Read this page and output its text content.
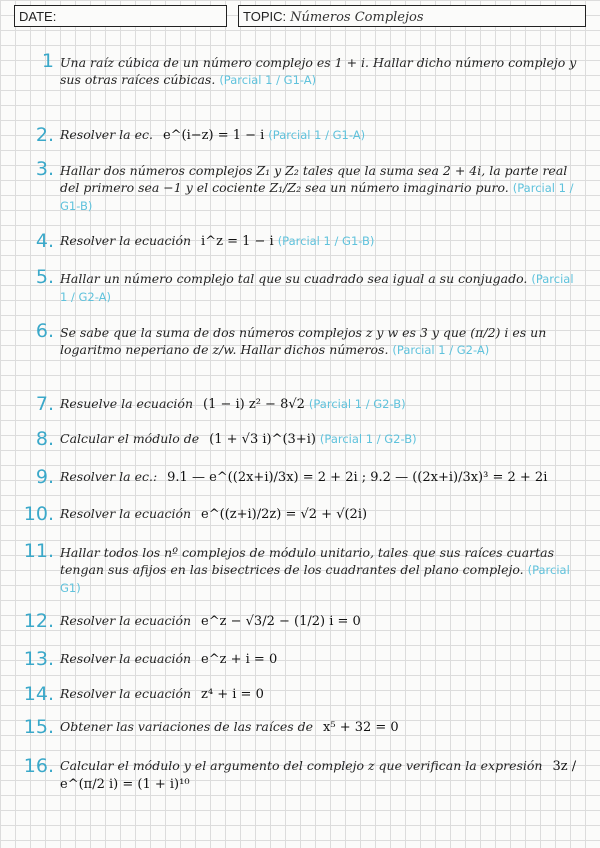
DATE:	TOPIC: Números Complejos
1 Una raíz cúbica de un número complejo es 1 + i. Hallar dicho número complejo y sus otras raíces cúbicas. (Parcial 1 / G1-A)
2. Resolver la ec. e^(i−z) = 1 − i (Parcial 1 / G1-A)
3. Hallar dos números complejos Z₁ y Z₂ tales que la suma sea 2 + 4i, la parte real del primero sea −1 y el cociente Z₁/Z₂ sea un número imaginario puro. (Parcial 1 / G1-B)
4. Resolver la ecuación i^z = 1 − i (Parcial 1 / G1-B)
5. Hallar un número complejo tal que su cuadrado sea igual a su conjugado. (Parcial 1 / G2-A)
6. Se sabe que la suma de dos números complejos z y w es 3 y que (π/2) i es un logaritmo neperiano de z/w. Hallar dichos números. (Parcial 1 / G2-A)
7. Resuelve la ecuación (1 − i) z² − 8√2 (Parcial 1 / G2-B)
8. Calcular el módulo de (1 + √3 i)^(3+i) (Parcial 1 / G2-B)
9. Resolver la ec.: 9.1 — e^((2x+i)/3x) = 2 + 2i ; 9.2 — ((2x+i)/3x)³ = 2 + 2i
10. Resolver la ecuación e^((z+i)/2z) = √2 + √(2i)
11. Hallar todos los nº complejos de módulo unitario, tales que sus raíces cuartas tengan sus afijos en las bisectrices de los cuadrantes del plano complejo. (Parcial G1)
12. Resolver la ecuación e^z − √3/2 − (1/2) i = 0
13. Resolver la ecuación e^z + i = 0
14. Resolver la ecuación z⁴ + i = 0
15. Obtener las variaciones de las raíces de x⁵ + 32 = 0
16. Calcular el módulo y el argumento del complejo z que verifican la expresión 3z / e^(π/2 i) = (1 + i)¹⁰
